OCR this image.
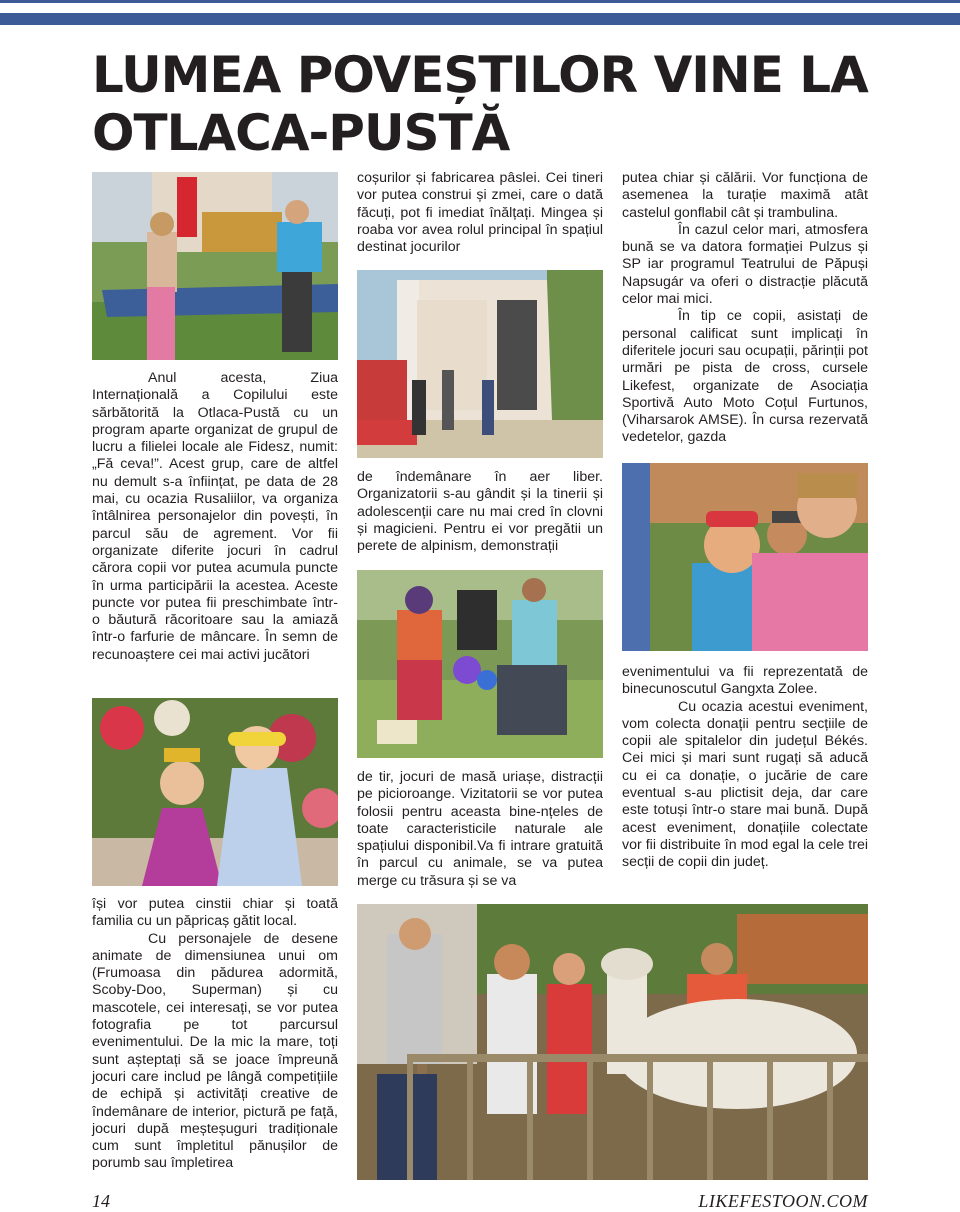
LUMEA POVEȘTILOR VINE LA OTLACA-PUSTĂ

Anul acesta, Ziua Internațională a Copilului este sărbătorită la Otlaca-Pustă cu un program aparte organizat de grupul de lucru a filielei locale ale Fidesz, numit: „Fă ceva!”. Acest grup, care de altfel nu demult s-a înființat, pe data de 28 mai, cu ocazia Rusaliilor, va organiza întâlnirea personajelor din povești, în parcul său de agrement. Vor fii organizate diferite jocuri în cadrul cărora copii vor putea acumula puncte în urma participării la acestea. Aceste puncte vor putea fii preschimbate într-o băutură răcoritoare sau la amiază într-o farfurie de mâncare. În semn de recunoaștere cei mai activi jucători

își vor putea cinstii chiar și toată familia cu un păpricaș gătit local.

Cu personajele de desene animate de dimensiunea unui om (Frumoasa din pădurea adormită, Scoby-Doo, Superman) și cu mascotele, cei interesați, se vor putea fotografia pe tot parcursul evenimentului. De la mic la mare, toți sunt așteptați să se joace împreună jocuri care includ pe lângă competițiile de echipă și activități creative de îndemânare de interior, pictură pe față, jocuri după meșteșuguri tradiționale cum sunt împletitul pănușilor de porumb sau împletirea

coșurilor și fabricarea pâslei. Cei tineri vor putea construi și zmei, care o dată făcuți, pot fi imediat înălțați. Mingea și roaba vor avea rolul principal în spațiul destinat jocurilor

de îndemânare în aer liber. Organizatorii s-au gândit și la tinerii și adolescenții care nu mai cred în clovni și magicieni. Pentru ei vor pregătii un perete de alpinism, demonstrații

de tir, jocuri de masă uriașe, distracții pe picioroange. Vizitatorii se vor putea folosii pentru aceasta bine-nțeles de toate caracteristicile naturale ale spațiului disponibil.Va fi intrare gratuită în parcul cu animale, se va putea merge cu trăsura și se va

putea chiar și călării. Vor funcționa de asemenea la turație maximă atât castelul gonflabil cât și trambulina.

În cazul celor mari, atmosfera bună se va datora formației Pulzus și SP iar programul Teatrului de Păpuși Napsugár va oferi o distracție plăcută celor mai mici.

În tip ce copii, asistați de personal calificat sunt implicați în diferitele jocuri sau ocupații, părinții pot urmări pe pista de cross, cursele Likefest, organizate de Asociația Sportivă Auto Moto Coțul Furtunos, (Viharsarok AMSE). În cursa rezervată vedetelor, gazda

evenimentului va fii reprezentată de binecunoscutul Gangxta Zolee.

Cu ocazia acestui eveniment, vom colecta donații pentru secțiile de copii ale spitalelor din județul Békés. Cei mici și mari sunt rugați să aducă cu ei ca donație, o jucărie de care eventual s-au plictisit deja, dar care este totuși într-o stare mai bună. După acest eveniment, donațiile colectate vor fii distribuite în mod egal la cele trei secții de copii din județ.

14	LIKEFESTOON.COM
